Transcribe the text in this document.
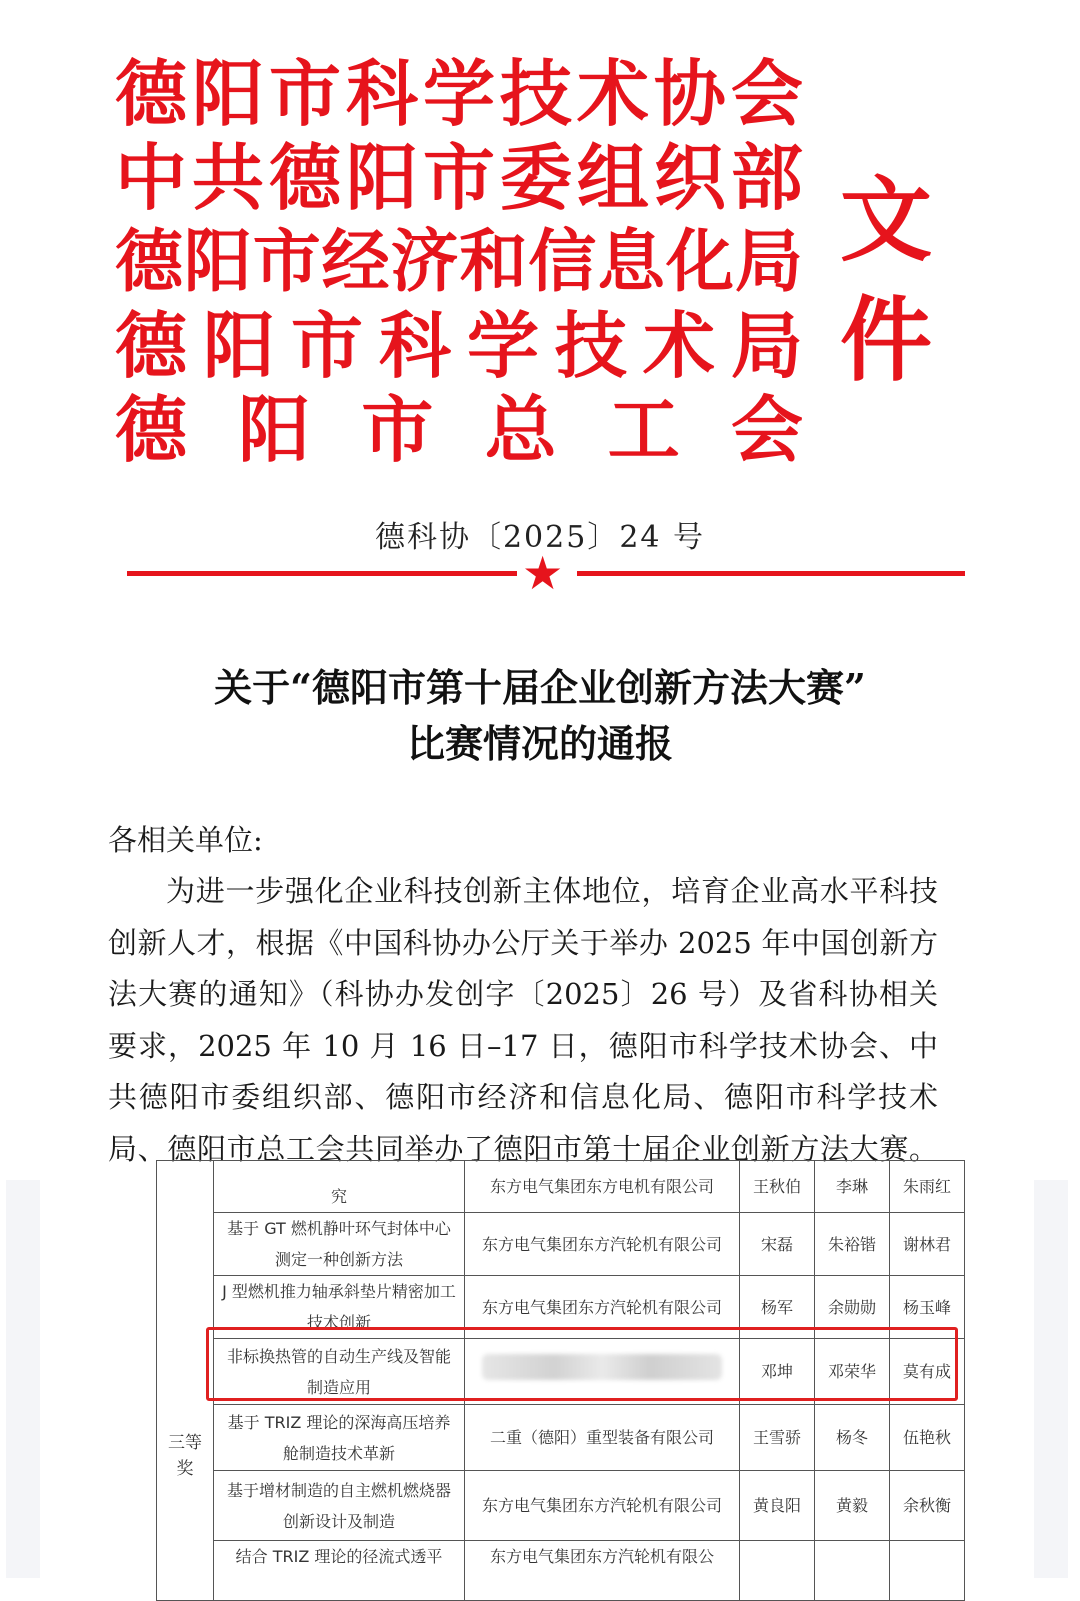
德 阳 市 科 学 技 术 协 会
中 共 德 阳 市 委 组 织 部
德 阳 市 经 济 和 信 息 化 局
德 阳 市 科 学 技 术 局
德 阳 市 总 工 会
文
件
德科协〔2025〕24 号
★
关于“德阳市第十届企业创新方法大赛”
比赛情况的通报
各相关单位:
为进一步强化企业科技创新主体地位，培育企业高水平科技创新人才，根据《中国科协办公厅关于举办 2025 年中国创新方法大赛的通知》（科协办发创字〔2025〕26 号）及省科协相关要求，2025 年 10 月 16 日–17 日，德阳市科学技术协会、中共德阳市委组织部、德阳市经济和信息化局、德阳市科学技术局、德阳市总工会共同举办了德阳市第十届企业创新方法大赛。
三等奖	究	东方电气集团东方电机有限公司	王秋伯	李琳	朱雨红
	基于 GT 燃机静叶环气封体中心测定一种创新方法	东方电气集团东方汽轮机有限公司	宋磊	朱裕锴	谢林君
	J 型燃机推力轴承斜垫片精密加工技术创新	东方电气集团东方汽轮机有限公司	杨军	余勋勋	杨玉峰
	非标换热管的自动生产线及智能制造应用		邓坤	邓荣华	莫有成
	基于 TRIZ 理论的深海高压培养舱制造技术革新	二重（德阳）重型装备有限公司	王雪骄	杨冬	伍艳秋
	基于增材制造的自主燃机燃烧器创新设计及制造	东方电气集团东方汽轮机有限公司	黄良阳	黄毅	余秋衡
	结合 TRIZ 理论的径流式透平	东方电气集团东方汽轮机有限公			
